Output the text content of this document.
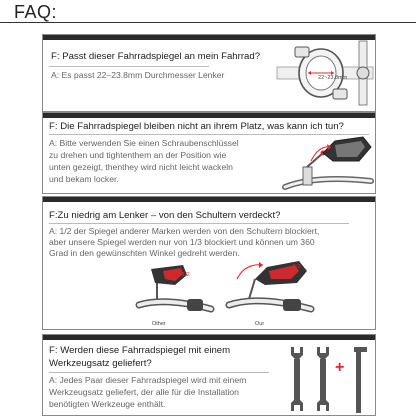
FAQ:
F: Passt dieser Fahrradspiegel an mein Fahrrad?
A: Es passt 22–23.8mm Durchmesser Lenker	22~23.8mm
F: Die Fahrradspiegel bleiben nicht an ihrem Platz, was kann ich tun?
A: Bitte verwenden Sie einen Schraubenschlüssel
zu drehen und tightenthem an der Position wie
unten gezeigt, thenthey wird nicht leicht wackeln
und bekam locker.
F:Zu niedrig am Lenker – von den Schultern verdeckt?
A: 1/2 der Spiegel anderer Marken werden von den Schultern blockiert,
aber unsere Spiegel werden nur von 1/3 blockiert und können um 360
Grad in den gewünschten Winkel gedreht werden.
1/2
Other
1/3
Our
F: Werden diese Fahrradspiegel mit einem
Werkzeugsatz geliefert?
A: Jedes Paar dieser Fahrradspiegel wird mit einem
Werkzeugsatz geliefert, der alle für die Installation
benötigten Werkzeuge enthält.
+
